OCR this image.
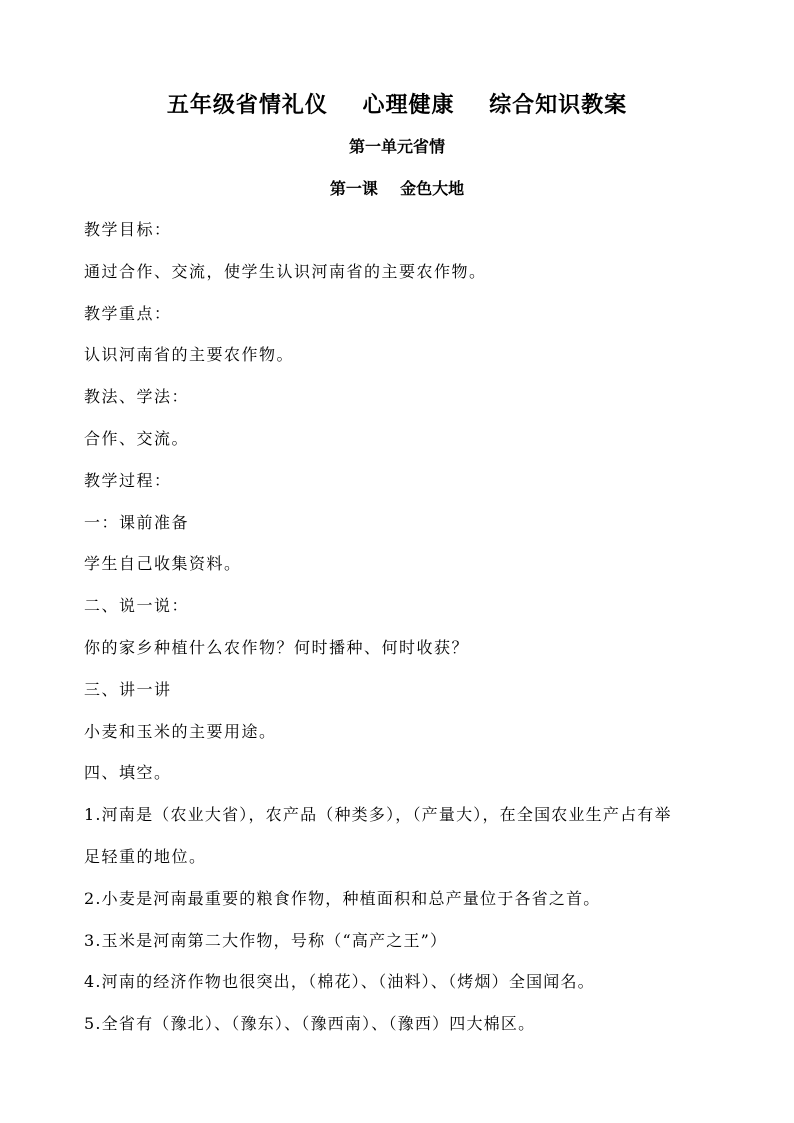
五年级省情礼仪    心理健康    综合知识教案
第一单元省情
第一课    金色大地
教学目标：
通过合作、交流，使学生认识河南省的主要农作物。
教学重点：
认识河南省的主要农作物。
教法、学法：
合作、交流。
教学过程：
一：课前准备
学生自己收集资料。
二、说一说：
你的家乡种植什么农作物？何时播种、何时收获？
三、讲一讲
小麦和玉米的主要用途。
四、填空。
1.河南是（农业大省），农产品（种类多），（产量大），在全国农业生产占有举
足轻重的地位。
2.小麦是河南最重要的粮食作物，种植面积和总产量位于各省之首。
3.玉米是河南第二大作物，号称（“高产之王”）
4.河南的经济作物也很突出，（棉花）、（油料）、（烤烟）全国闻名。
5.全省有（豫北）、（豫东）、（豫西南）、（豫西）四大棉区。
